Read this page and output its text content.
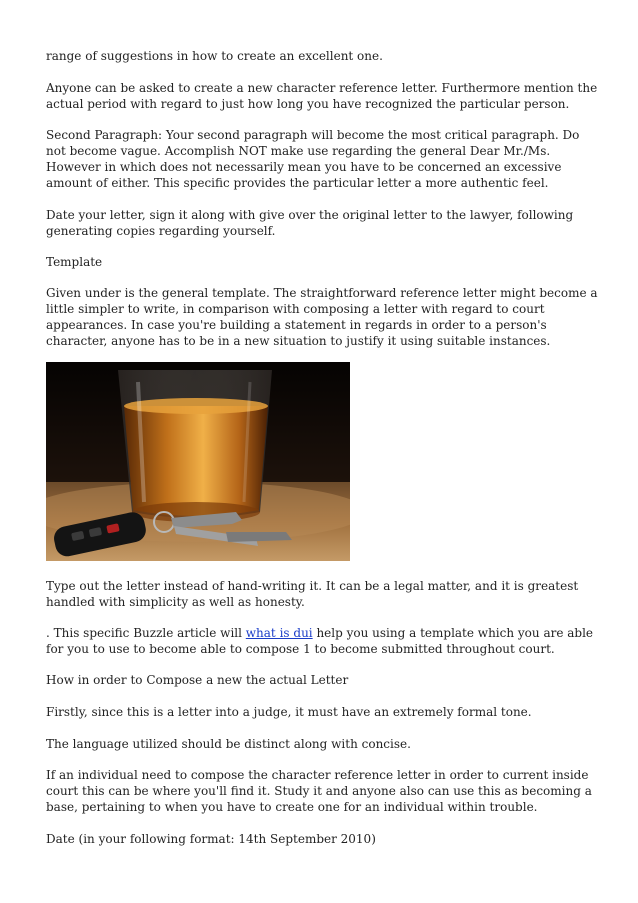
range of suggestions in how to create an excellent one.

Anyone can be asked to create a new character reference letter. Furthermore mention the actual period with regard to just how long you have recognized the particular person.

Second Paragraph: Your second paragraph will become the most critical paragraph. Do not become vague. Accomplish NOT make use regarding the general Dear Mr./Ms. However in which does not necessarily mean you have to be concerned an excessive amount of either. This specific provides the particular letter a more authentic feel.

Date your letter, sign it along with give over the original letter to the lawyer, following generating copies regarding yourself.

Template

Given under is the general template. The straightforward reference letter might become a little simpler to write, in comparison with composing a letter with regard to court appearances. In case you're building a statement in regards in order to a person's character, anyone has to be in a new situation to justify it using suitable instances.

Type out the letter instead of hand-writing it. It can be a legal matter, and it is greatest handled with simplicity as well as honesty.

. This specific Buzzle article will what is dui help you using a template which you are able for you to use to become able to compose 1 to become submitted throughout court.

How in order to Compose a new the actual Letter

Firstly, since this is a letter into a judge, it must have an extremely formal tone.

The language utilized should be distinct along with concise.

If an individual need to compose the character reference letter in order to current inside court this can be where you'll find it. Study it and anyone also can use this as becoming a base, pertaining to when you have to create one for an individual within trouble.

Date (in your following format: 14th September 2010)
